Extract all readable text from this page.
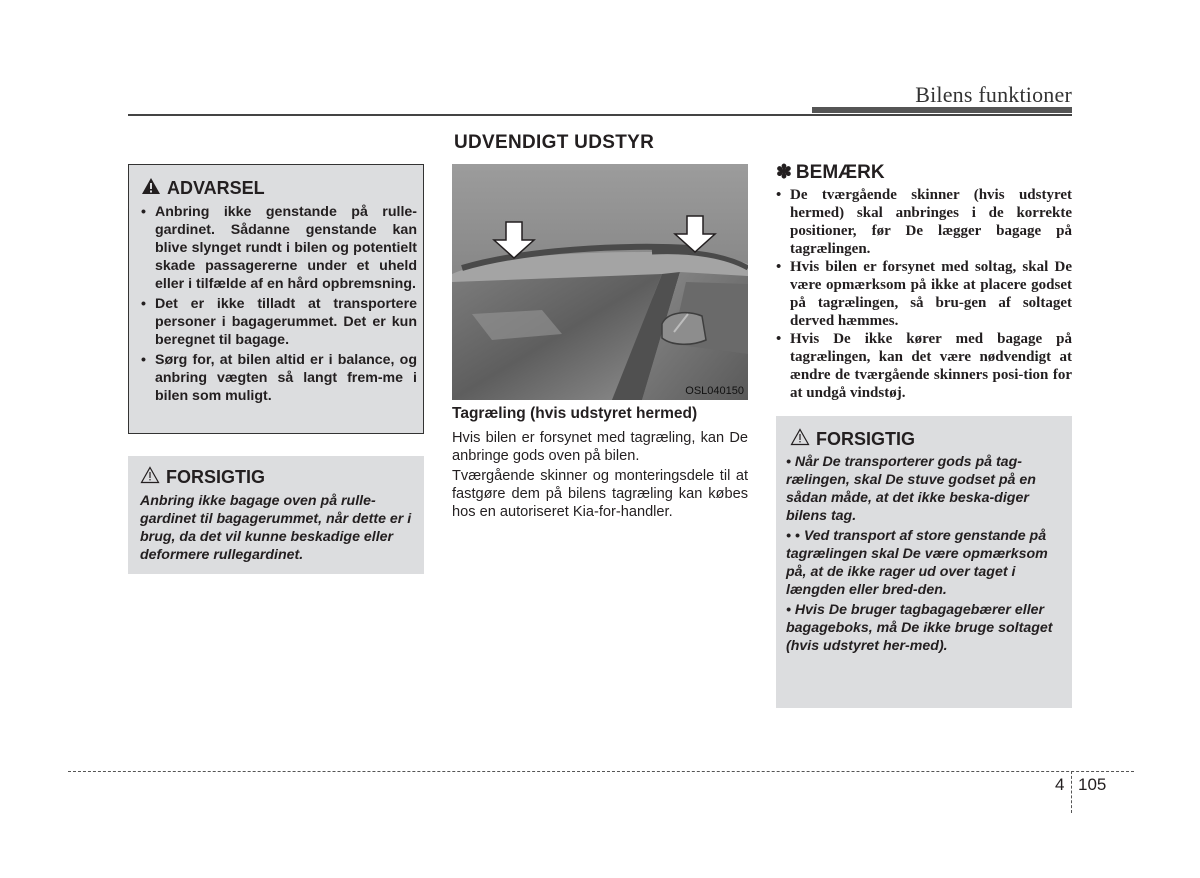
Bilens funktioner
UDVENDIGT UDSTYR
ADVARSEL
• Anbring ikke genstande på rulle-gardinet. Sådanne genstande kan blive slynget rundt i bilen og potentielt skade passagererne under et uheld eller i tilfælde af en hård opbremsning.
• Det er ikke tilladt at transportere personer i bagagerummet. Det er kun beregnet til bagage.
• Sørg for, at bilen altid er i balance, og anbring vægten så langt frem-me i bilen som muligt.
FORSIGTIG
Anbring ikke bagage oven på rulle-gardinet til bagagerummet, når dette er i brug, da det vil kunne beskadige eller deformere rullegardinet.
OSL040150
Tagræling (hvis udstyret hermed)
Hvis bilen er forsynet med tagræling, kan De anbringe gods oven på bilen.
Tværgående skinner og monteringsdele til at fastgøre dem på bilens tagræling kan købes hos en autoriseret Kia-for-handler.
✽ BEMÆRK
• De tværgående skinner (hvis udstyret hermed) skal anbringes i de korrekte positioner, før De lægger bagage på tagrælingen.
• Hvis bilen er forsynet med soltag, skal De være opmærksom på ikke at placere godset på tagrælingen, så bru-gen af soltaget derved hæmmes.
• Hvis De ikke kører med bagage på tagrælingen, kan det være nødvendigt at ændre de tværgående skinners posi-tion for at undgå vindstøj.
FORSIGTIG
• Når De transporterer gods på tag-rælingen, skal De stuve godset på en sådan måde, at det ikke beska-diger bilens tag.
• • Ved transport af store genstande på tagrælingen skal De være opmærksom på, at de ikke rager ud over taget i længden eller bred-den.
• Hvis De bruger tagbagagebærer eller bagageboks, må De ikke bruge soltaget (hvis udstyret her-med).
4 105
